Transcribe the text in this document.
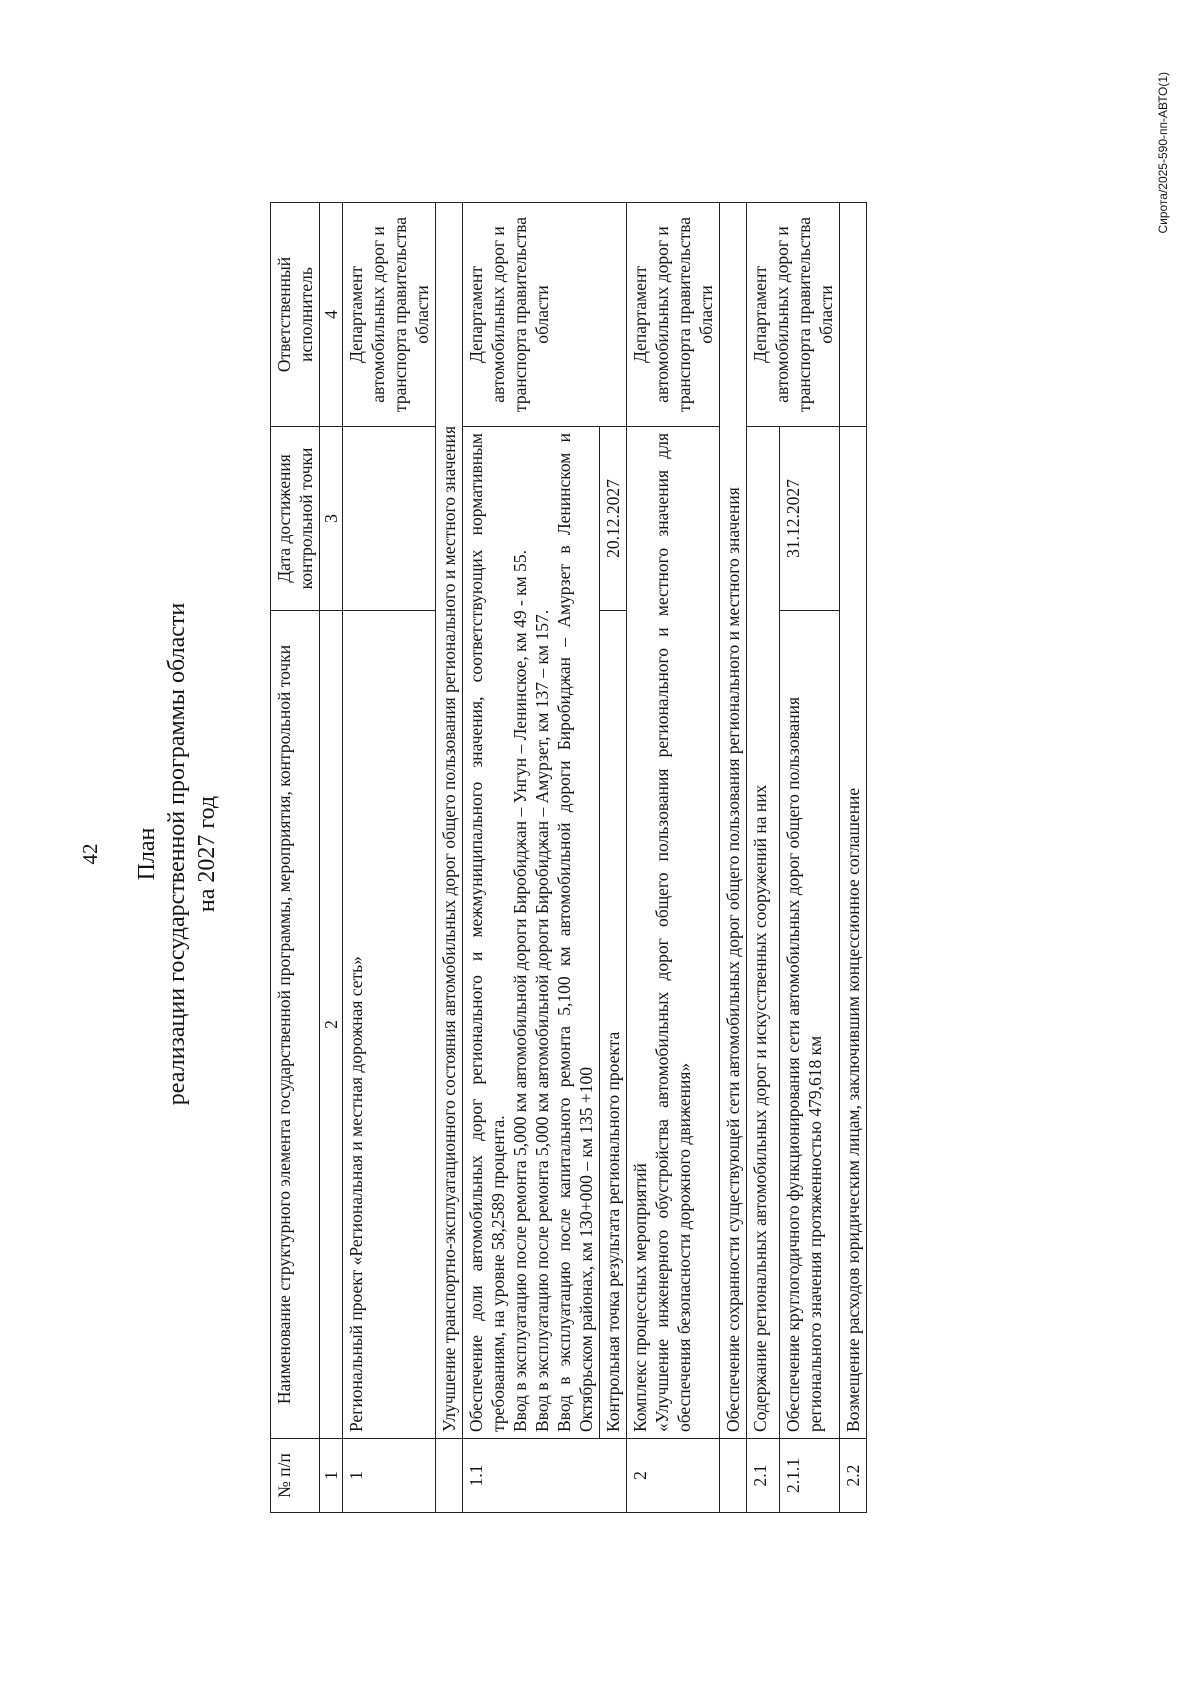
42 План реализации государственной программы области на 2027 год
№ п/п	Наименование структурного элемента государственной программы, мероприятия, контрольной точки	Дата достижения контрольной точки	Ответственный исполнитель
1	2	3	4
1	Региональный проект «Региональная и местная дорожная сеть»		Департамент автомобильных дорог и транспорта правительства области
	Улучшение транспортно-эксплуатационного состояния автомобильных дорог общего пользования регионального и местного значения		
1.1	Обеспечение доли автомобильных дорог регионального и межмуниципального значения, соответствующих нормативным требованиям, на уровне 58,2589 процента. Ввод в эксплуатацию после ремонта 5,000 км автомобильной дороги Биробиджан – Унгун – Ленинское, км 49 - км 55. Ввод в эксплуатацию после ремонта 5,000 км автомобильной дороги Биробиджан – Амурзет, км 137 – км 157. Ввод в эксплуатацию после капитального ремонта 5,100 км автомобильной дороги Биробиджан – Амурзет в Ленинском и Октябрьском районах, км 130+000 – км 135 +100		Департамент автомобильных дорог и транспорта правительства области
	Контрольная точка результата регионального проекта	20.12.2027	
2	Комплекс процессных мероприятий «Улучшение инженерного обустройства автомобильных дорог общего пользования регионального и местного значения для обеспечения безопасности дорожного движения»		Департамент автомобильных дорог и транспорта правительства области
	Обеспечение сохранности существующей сети автомобильных дорог общего пользования регионального и местного значения		
2.1	Содержание региональных автомобильных дорог и искусственных сооружений на них		Департамент автомобильных дорог и транспорта правительства области
2.1.1	Обеспечение круглогодичного функционирования сети автомобильных дорог общего пользования регионального значения протяженностью 479,618 км	31.12.2027	
2.2	Возмещение расходов юридическим лицам, заключившим концессионное соглашение		
Сирота/2025-590-пп-АВТО(1)
